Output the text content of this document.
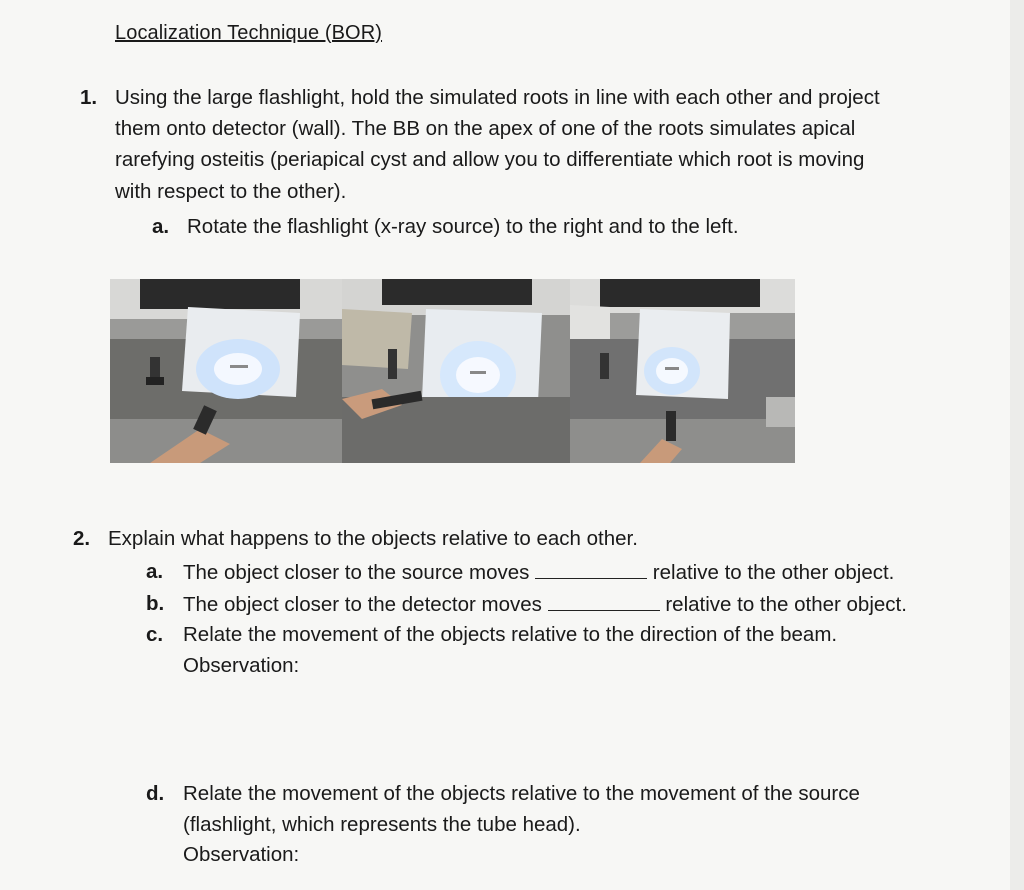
Localization Technique (BOR)
1. Using the large flashlight, hold the simulated roots in line with each other and project
them onto detector (wall). The BB on the apex of one of the roots simulates apical
rarefying osteitis (periapical cyst and allow you to differentiate which root is moving
with respect to the other).
a. Rotate the flashlight (x-ray source) to the right and to the left.
2. Explain what happens to the objects relative to each other.
a. The object closer to the source moves	relative to the other object.
b. The object closer to the detector moves	relative to the other object.
c. Relate the movement of the objects relative to the direction of the beam.
Observation:
d. Relate the movement of the objects relative to the movement of the source
(flashlight, which represents the tube head).
Observation:
